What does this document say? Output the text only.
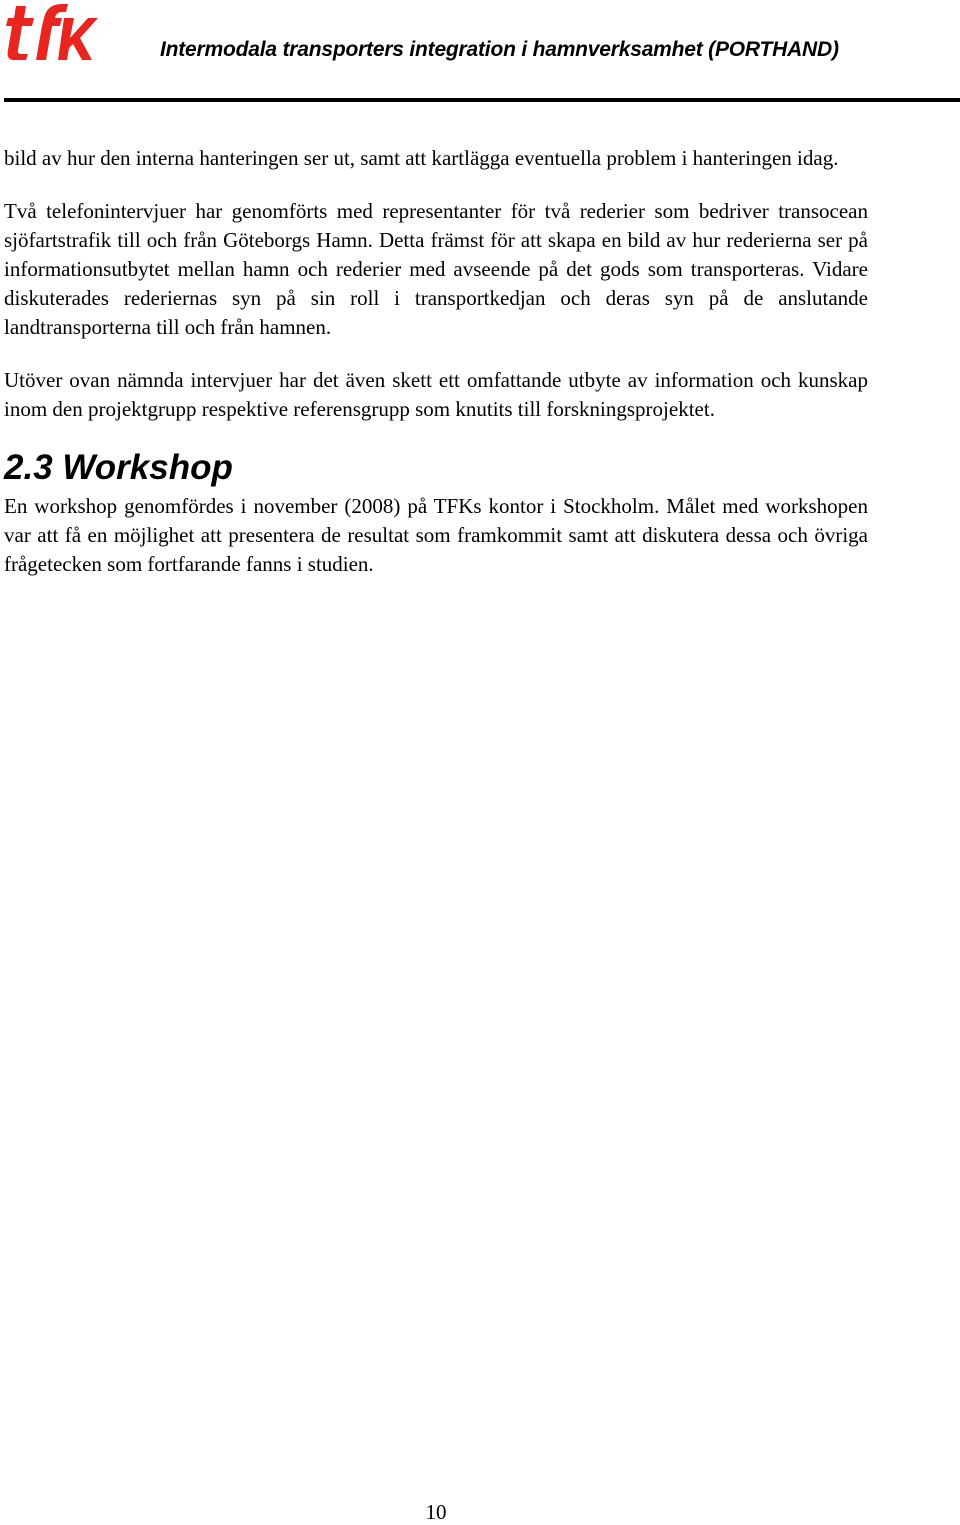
Intermodala transporters integration i hamnverksamhet (PORTHAND)

bild av hur den interna hanteringen ser ut, samt att kartlägga eventuella problem i hanteringen idag.

Två telefonintervjuer har genomförts med representanter för två rederier som bedriver transocean sjöfartstrafik till och från Göteborgs Hamn. Detta främst för att skapa en bild av hur rederierna ser på informationsutbytet mellan hamn och rederier med avseende på det gods som transporteras. Vidare diskuterades rederiernas syn på sin roll i transportkedjan och deras syn på de anslutande landtransporterna till och från hamnen.

Utöver ovan nämnda intervjuer har det även skett ett omfattande utbyte av information och kunskap inom den projektgrupp respektive referensgrupp som knutits till forskningsprojektet.

2.3 Workshop

En workshop genomfördes i november (2008) på TFKs kontor i Stockholm. Målet med workshopen var att få en möjlighet att presentera de resultat som framkommit samt att diskutera dessa och övriga frågetecken som fortfarande fanns i studien.

10
